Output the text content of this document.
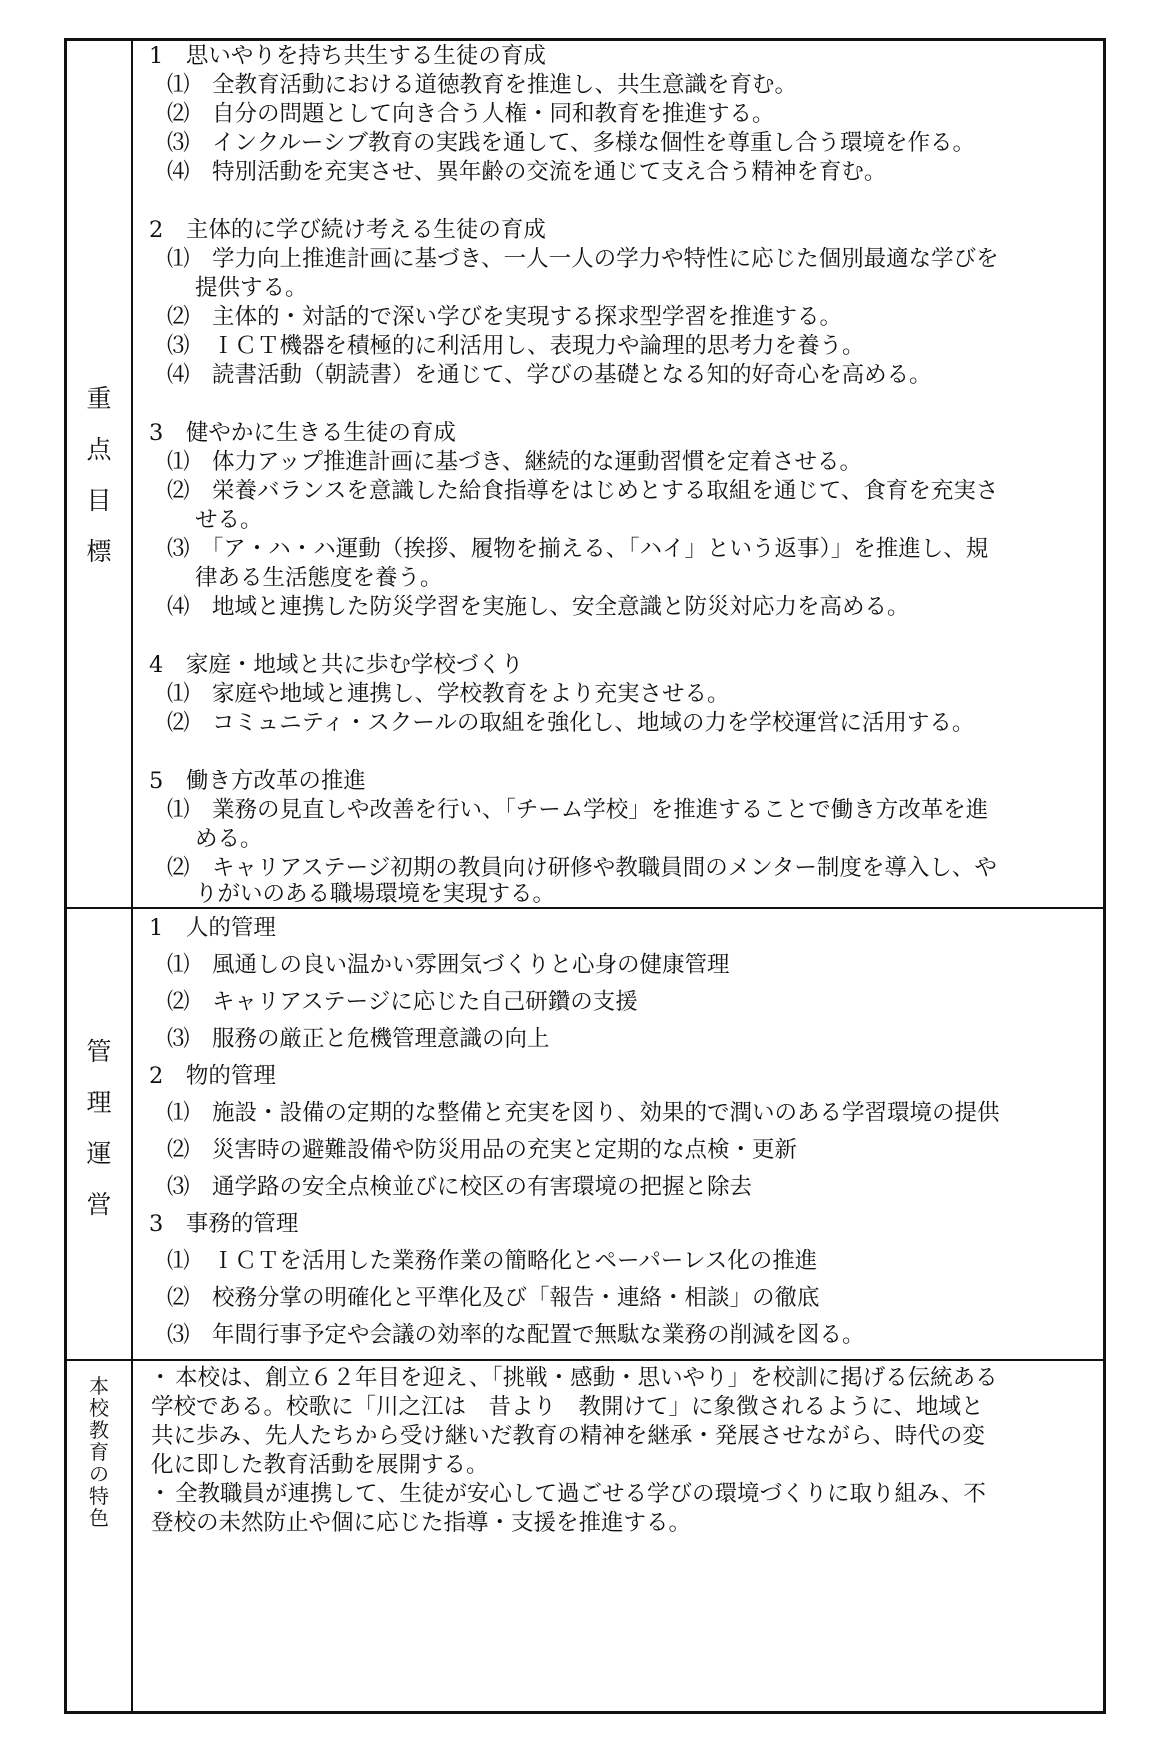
重
点
目
標
1　思いやりを持ち共生する生徒の育成
⑴　 全教育活動における道徳教育を推進し、共生意識を育む。
⑵　 自分の問題として向き合う人権・同和教育を推進する。
⑶　 インクルーシブ教育の実践を通して、多様な個性を尊重し合う環境を作る。
⑷　 特別活動を充実させ、異年齢の交流を通じて支え合う精神を育む。
2　主体的に学び続け考える生徒の育成
⑴　 学力向上推進計画に基づき、一人一人の学力や特性に応じた個別最適な学びを
提供する。
⑵　 主体的・対話的で深い学びを実現する探求型学習を推進する。
⑶　 ＩＣＴ機器を積極的に利活用し、表現力や論理的思考力を養う。
⑷　 読書活動（朝読書）を通じて、学びの基礎となる知的好奇心を高める。
3　健やかに生きる生徒の育成
⑴　 体力アップ推進計画に基づき、継続的な運動習慣を定着させる。
⑵　 栄養バランスを意識した給食指導をはじめとする取組を通じて、食育を充実さ
せる。
⑶　 「ア・ハ・ハ運動（挨拶、履物を揃える、「ハイ」という返事）」を推進し、規
律ある生活態度を養う。
⑷　 地域と連携した防災学習を実施し、安全意識と防災対応力を高める。
4　家庭・地域と共に歩む学校づくり
⑴　 家庭や地域と連携し、学校教育をより充実させる。
⑵　 コミュニティ・スクールの取組を強化し、地域の力を学校運営に活用する。
5　働き方改革の推進
⑴　 業務の見直しや改善を行い、「チーム学校」を推進することで働き方改革を進
める。
⑵　 キャリアステージ初期の教員向け研修や教職員間のメンター制度を導入し、や
りがいのある職場環境を実現する。
管
理
運
営
1　人的管理
⑴　 風通しの良い温かい雰囲気づくりと心身の健康管理
⑵　 キャリアステージに応じた自己研鑽の支援
⑶　 服務の厳正と危機管理意識の向上
2　物的管理
⑴　 施設・設備の定期的な整備と充実を図り、効果的で潤いのある学習環境の提供
⑵　 災害時の避難設備や防災用品の充実と定期的な点検・更新
⑶　 通学路の安全点検並びに校区の有害環境の把握と除去
3　事務的管理
⑴　 ＩＣＴを活用した業務作業の簡略化とペーパーレス化の推進
⑵　 校務分掌の明確化と平準化及び「報告・連絡・相談」の徹底
⑶　 年間行事予定や会議の効率的な配置で無駄な業務の削減を図る。
本
校
教
育
の
特
色
・ 本校は、創立６２年目を迎え、「挑戦・感動・思いやり」を校訓に掲げる伝統ある
学校である。校歌に「川之江は　昔より　教開けて」に象徴されるように、地域と
共に歩み、先人たちから受け継いだ教育の精神を継承・発展させながら、時代の変
化に即した教育活動を展開する。
・ 全教職員が連携して、生徒が安心して過ごせる学びの環境づくりに取り組み、不
登校の未然防止や個に応じた指導・支援を推進する。
